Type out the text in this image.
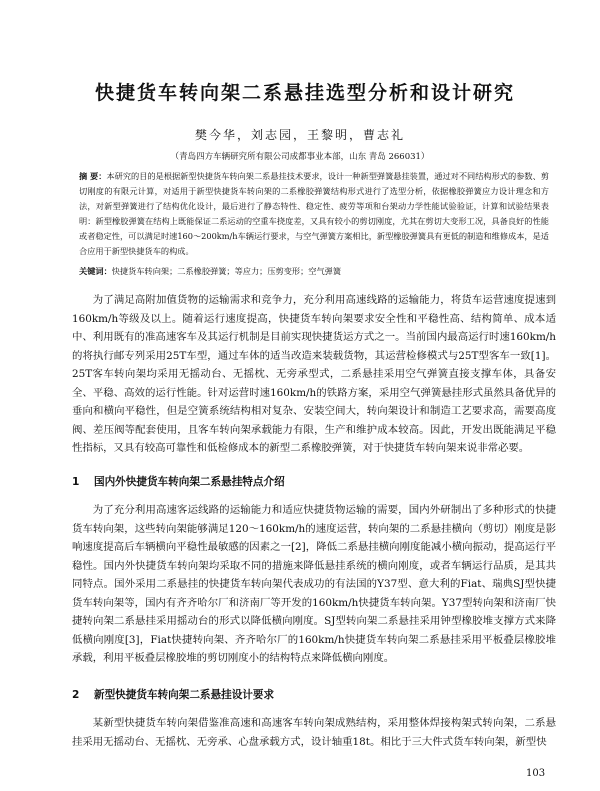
快捷货车转向架二系悬挂选型分析和设计研究
樊今华，刘志园，王黎明，曹志礼
（青岛四方车辆研究所有限公司成都事业本部，山东 青岛 266031）
摘 要：本研究的目的是根据新型快捷货车转向架二系悬挂技术要求，设计一种新型弹簧悬挂装置，通过对不同结构形式的参数、剪切刚度的有限元计算，对适用于新型快捷货车转向架的二系橡胶弹簧结构形式进行了选型分析，依据橡胶弹簧应力设计理念和方法，对新型弹簧进行了结构优化设计，最后进行了静态特性、稳定性、疲劳等项和台架动力学性能试验验证，计算和试验结果表明：新型橡胶弹簧在结构上既能保证二系运动的空重车挠度差，又具有较小的剪切刚度，尤其在剪切大变形工况，具备良好的性能或者稳定性，可以满足时速160～200km/h车辆运行要求，与空气弹簧方案相比，新型橡胶弹簧具有更低的制造和维修成本，是适合应用于新型快捷货车的构成。
关键词：快捷货车转向架；二系橡胶弹簧；等应力；压剪变形；空气弹簧

为了满足高附加值货物的运输需求和竞争力，充分利用高速线路的运输能力，将货车运营速度提速到160km/h等级及以上。随着运行速度提高，快捷货车转向架要求安全性和平稳性高、结构简单、成本适中、利用既有的准高速客车及其运行机制是目前实现快捷货运方式之一。当前国内最高运行时速160km/h的将执行邮专列采用25T车型，通过车体的适当改造来装载货物，其运营检修模式与25T型客车一致[1]。25T客车转向架均采用无摇动台、无摇枕、无旁承型式，二系悬挂采用空气弹簧直接支撑车体，具备安全、平稳、高效的运行性能。针对运营时速160km/h的铁路方案，采用空气弹簧悬挂形式虽然具备优异的垂向和横向平稳性，但是空簧系统结构相对复杂、安装空间大，转向架设计和制造工艺要求高，需要高度阀、差压阀等配套使用，且客车转向架承载能力有限，生产和维护成本较高。因此，开发出既能满足平稳性指标，又具有较高可靠性和低检修成本的新型二系橡胶弹簧，对于快捷货车转向架来说非常必要。

1 国内外快捷货车转向架二系悬挂特点介绍

为了充分利用高速客运线路的运输能力和适应快捷货物运输的需要，国内外研制出了多种形式的快捷货车转向架，这些转向架能够满足120～160km/h的速度运营，转向架的二系悬挂横向（剪切）刚度是影响速度提高后车辆横向平稳性最敏感的因素之一[2]，降低二系悬挂横向刚度能减小横向振动，提高运行平稳性。国内外快捷货车转向架均采取不同的措施来降低悬挂系统的横向刚度，或者车辆运行品质，是其共同特点。国外采用二系悬挂的快捷货车转向架代表成功的有法国的Y37型、意大利的Fiat、瑞典SJ型快捷货车转向架等，国内有齐齐哈尔厂和济南厂等开发的160km/h快捷货车转向架。Y37型转向架和济南厂快捷转向架二系悬挂采用摇动台的形式以降低横向刚度。SJ型转向架二系悬挂采用钟型橡胶堆支撑方式来降低横向刚度[3]，Fiat快捷转向架、齐齐哈尔厂的160km/h快捷货车转向架二系悬挂采用平板叠层橡胶堆承载，利用平板叠层橡胶堆的剪切刚度小的结构特点来降低横向刚度。

2 新型快捷货车转向架二系悬挂设计要求

某新型快捷货车转向架借鉴准高速和高速客车转向架成熟结构，采用整体焊接构架式转向架，二系悬挂采用无摇动台、无摇枕、无旁承、心盘承载方式，设计轴重18t。相比于三大件式货车转向架，新型快

103
